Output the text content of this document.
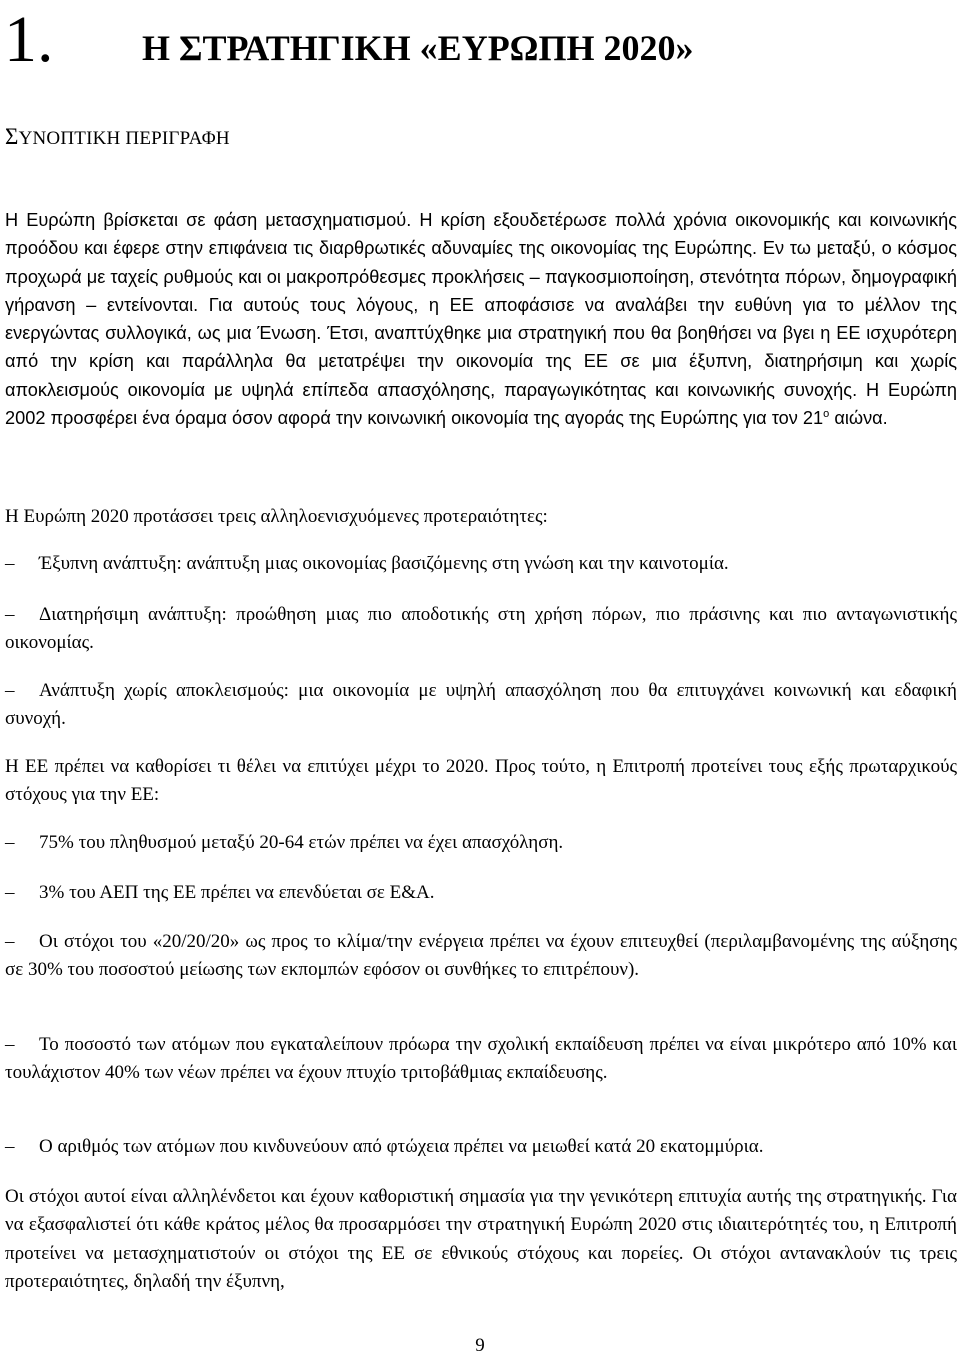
1. Η ΣΤΡΑΤΗΓΙΚΗ «ΕΥΡΩΠΗ 2020»
ΣΥΝΟΠΤΙΚΗ ΠΕΡΙΓΡΑΦΗ

Η Ευρώπη βρίσκεται σε φάση μετασχηματισμού. Η κρίση εξουδετέρωσε πολλά χρόνια οικονομικής και κοινωνικής προόδου και έφερε στην επιφάνεια τις διαρθρωτικές αδυναμίες της οικονομίας της Ευρώπης. Εν τω μεταξύ, ο κόσμος προχωρά με ταχείς ρυθμούς και οι μακροπρόθεσμες προκλήσεις – παγκοσμιοποίηση, στενότητα πόρων, δημογραφική γήρανση – εντείνονται. Για αυτούς τους λόγους, η ΕΕ αποφάσισε να αναλάβει την ευθύνη για το μέλλον της ενεργώντας συλλογικά, ως μια Ένωση. Έτσι, αναπτύχθηκε μια στρατηγική που θα βοηθήσει να βγει η ΕΕ ισχυρότερη από την κρίση και παράλληλα θα μετατρέψει την οικονομία της ΕΕ σε μια έξυπνη, διατηρήσιμη και χωρίς αποκλεισμούς οικονομία με υψηλά επίπεδα απασχόλησης, παραγωγικότητας και κοινωνικής συνοχής. Η Ευρώπη 2002 προσφέρει ένα όραμα όσον αφορά την κοινωνική οικονομία της αγοράς της Ευρώπης για τον $21^o$ αιώνα.

Η Ευρώπη 2020 προτάσσει τρεις αλληλοενισχυόμενες προτεραιότητες:

– Έξυπνη ανάπτυξη: ανάπτυξη μιας οικονομίας βασιζόμενης στη γνώση και την καινοτομία.

– Διατηρήσιμη ανάπτυξη: προώθηση μιας πιο αποδοτικής στη χρήση πόρων, πιο πράσινης και πιο ανταγωνιστικής οικονομίας.

– Ανάπτυξη χωρίς αποκλεισμούς: μια οικονομία με υψηλή απασχόληση που θα επιτυγχάνει κοινωνική και εδαφική συνοχή.

Η ΕΕ πρέπει να καθορίσει τι θέλει να επιτύχει μέχρι το 2020. Προς τούτο, η Επιτροπή προτείνει τους εξής πρωταρχικούς στόχους για την ΕΕ:

– 75% του πληθυσμού μεταξύ 20-64 ετών πρέπει να έχει απασχόληση.

– 3% του ΑΕΠ της ΕΕ πρέπει να επενδύεται σε Ε&Α.

– Οι στόχοι του «20/20/20» ως προς το κλίμα/την ενέργεια πρέπει να έχουν επιτευχθεί (περιλαμβανομένης της αύξησης σε 30% του ποσοστού μείωσης των εκπομπών εφόσον οι συνθήκες το επιτρέπουν).

– Το ποσοστό των ατόμων που εγκαταλείπουν πρόωρα την σχολική εκπαίδευση πρέπει να είναι μικρότερο από 10% και τουλάχιστον 40% των νέων πρέπει να έχουν πτυχίο τριτοβάθμιας εκπαίδευσης.

– Ο αριθμός των ατόμων που κινδυνεύουν από φτώχεια πρέπει να μειωθεί κατά 20 εκατομμύρια.

Οι στόχοι αυτοί είναι αλληλένδετοι και έχουν καθοριστική σημασία για την γενικότερη επιτυχία αυτής της στρατηγικής. Για να εξασφαλιστεί ότι κάθε κράτος μέλος θα προσαρμόσει την στρατηγική Ευρώπη 2020 στις ιδιαιτερότητές του, η Επιτροπή προτείνει να μετασχηματιστούν οι στόχοι της ΕΕ σε εθνικούς στόχους και πορείες. Οι στόχοι αντανακλούν τις τρεις προτεραιότητες, δηλαδή την έξυπνη,

9
